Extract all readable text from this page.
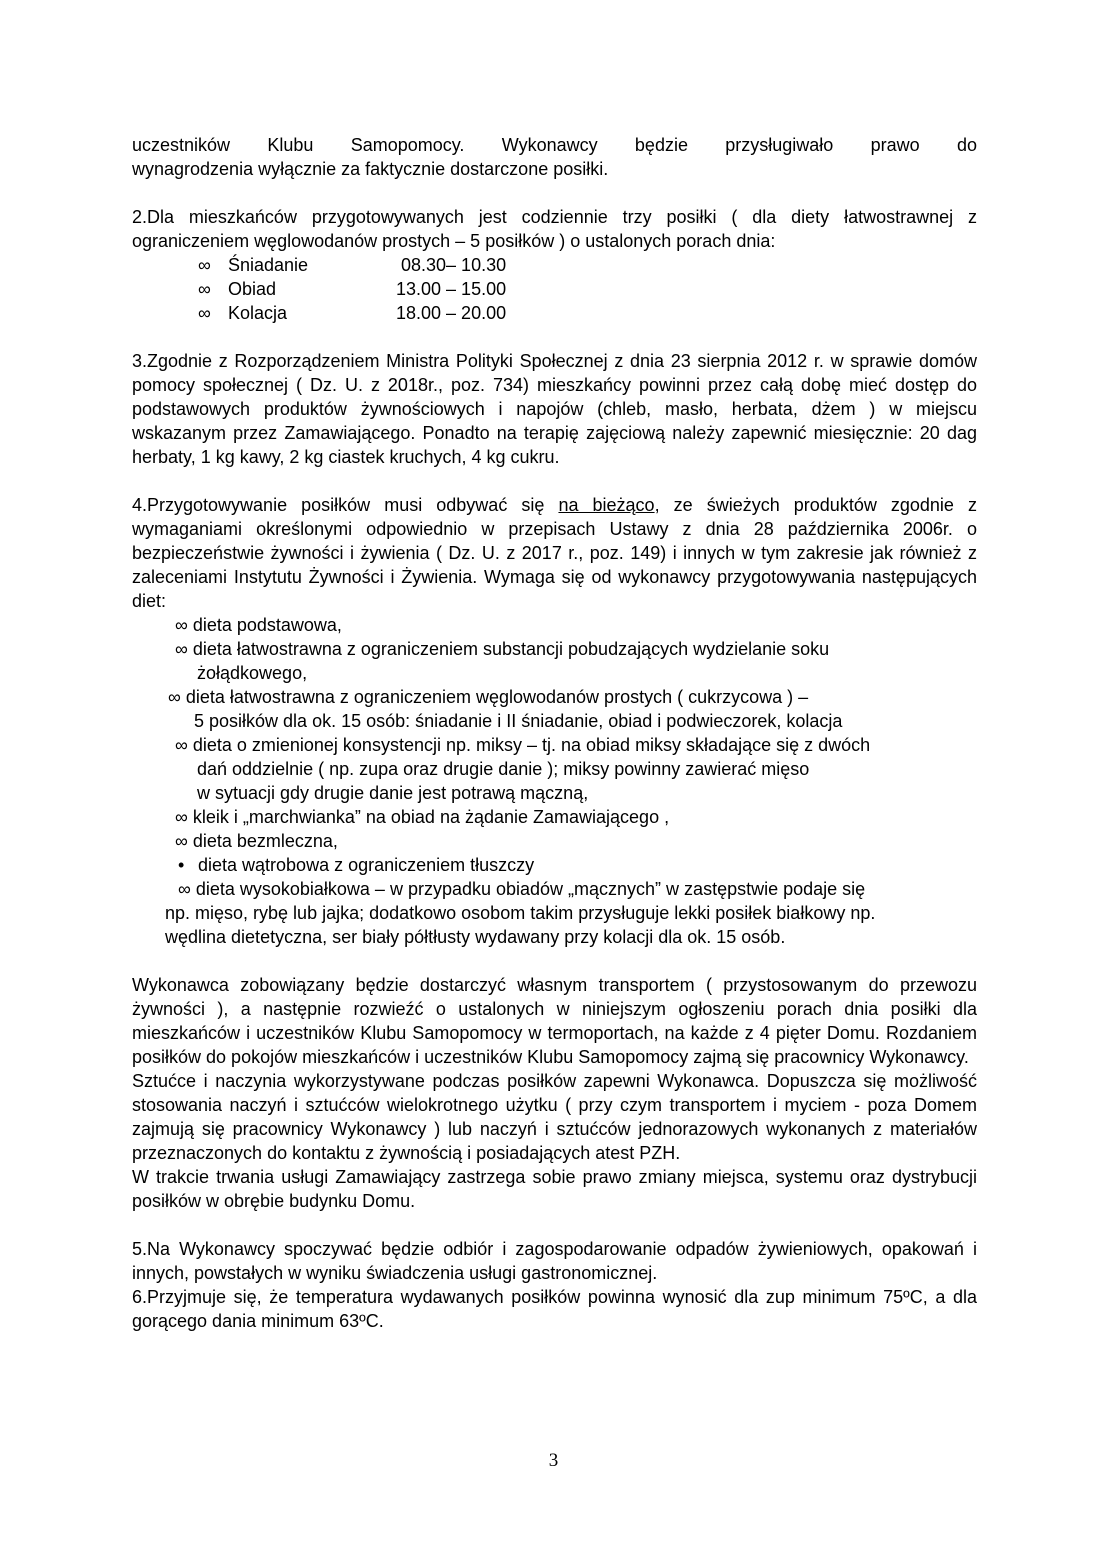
uczestników Klubu Samopomocy. Wykonawcy będzie przysługiwało prawo do

wynagrodzenia wyłącznie za faktycznie dostarczone posiłki.

2.Dla mieszkańców przygotowywanych jest codziennie trzy posiłki ( dla diety łatwostrawnej z ograniczeniem węglowodanów prostych – 5 posiłków ) o ustalonych porach dnia:

∞ Śniadanie	08.30– 10.30
∞ Obiad	13.00 – 15.00
∞ Kolacja	18.00 – 20.00

3.Zgodnie z Rozporządzeniem Ministra Polityki Społecznej z dnia 23 sierpnia 2012 r. w sprawie domów pomocy społecznej ( Dz. U. z 2018r., poz. 734) mieszkańcy powinni przez całą dobę mieć dostęp do podstawowych produktów żywnościowych i napojów (chleb, masło, herbata, dżem ) w miejscu wskazanym przez Zamawiającego. Ponadto na terapię zajęciową należy zapewnić miesięcznie: 20 dag herbaty, 1 kg kawy, 2 kg ciastek kruchych, 4 kg cukru.

4.Przygotowywanie posiłków musi odbywać się na bieżąco, ze świeżych produktów zgodnie z wymaganiami określonymi odpowiednio w przepisach Ustawy z dnia 28 października 2006r. o bezpieczeństwie żywności i żywienia ( Dz. U. z 2017 r., poz. 149) i innych w tym zakresie jak również z zaleceniami Instytutu Żywności i Żywienia. Wymaga się od wykonawcy przygotowywania następujących diet:

∞ dieta podstawowa,
∞ dieta łatwostrawna z ograniczeniem substancji pobudzających wydzielanie soku
żołądkowego,
∞ dieta łatwostrawna z ograniczeniem węglowodanów prostych ( cukrzycowa ) –
5 posiłków dla ok. 15 osób: śniadanie i II śniadanie, obiad i podwieczorek, kolacja
∞ dieta o zmienionej konsystencji np. miksy – tj. na obiad miksy składające się z dwóch
dań oddzielnie ( np. zupa oraz drugie danie ); miksy powinny zawierać mięso
w sytuacji gdy drugie danie jest potrawą mączną,
∞ kleik i „marchwianka” na obiad na żądanie Zamawiającego ,
∞ dieta bezmleczna,
• dieta wątrobowa z ograniczeniem tłuszczy
∞ dieta wysokobiałkowa – w przypadku obiadów „mącznych” w zastępstwie podaje się
np. mięso, rybę lub jajka; dodatkowo osobom takim przysługuje lekki posiłek białkowy np.
wędlina dietetyczna, ser biały półtłusty wydawany przy kolacji dla ok. 15 osób.

Wykonawca zobowiązany będzie dostarczyć własnym transportem ( przystosowanym do przewozu żywności ), a następnie rozwieźć o ustalonych w niniejszym ogłoszeniu porach dnia posiłki dla mieszkańców i uczestników Klubu Samopomocy w termoportach, na każde z 4 pięter Domu. Rozdaniem posiłków do pokojów mieszkańców i uczestników Klubu Samopomocy zajmą się pracownicy Wykonawcy.

Sztućce i naczynia wykorzystywane podczas posiłków zapewni Wykonawca. Dopuszcza się możliwość stosowania naczyń i sztućców wielokrotnego użytku ( przy czym transportem i myciem - poza Domem zajmują się pracownicy Wykonawcy ) lub naczyń i sztućców jednorazowych wykonanych z materiałów przeznaczonych do kontaktu z żywnością i posiadających atest PZH.

W trakcie trwania usługi Zamawiający zastrzega sobie prawo zmiany miejsca, systemu oraz dystrybucji posiłków w obrębie budynku Domu.

5.Na Wykonawcy spoczywać będzie odbiór i zagospodarowanie odpadów żywieniowych, opakowań i innych, powstałych w wyniku świadczenia usługi gastronomicznej.

6.Przyjmuje się, że temperatura wydawanych posiłków powinna wynosić dla zup minimum 75ºC, a dla gorącego dania minimum 63ºC.

3
